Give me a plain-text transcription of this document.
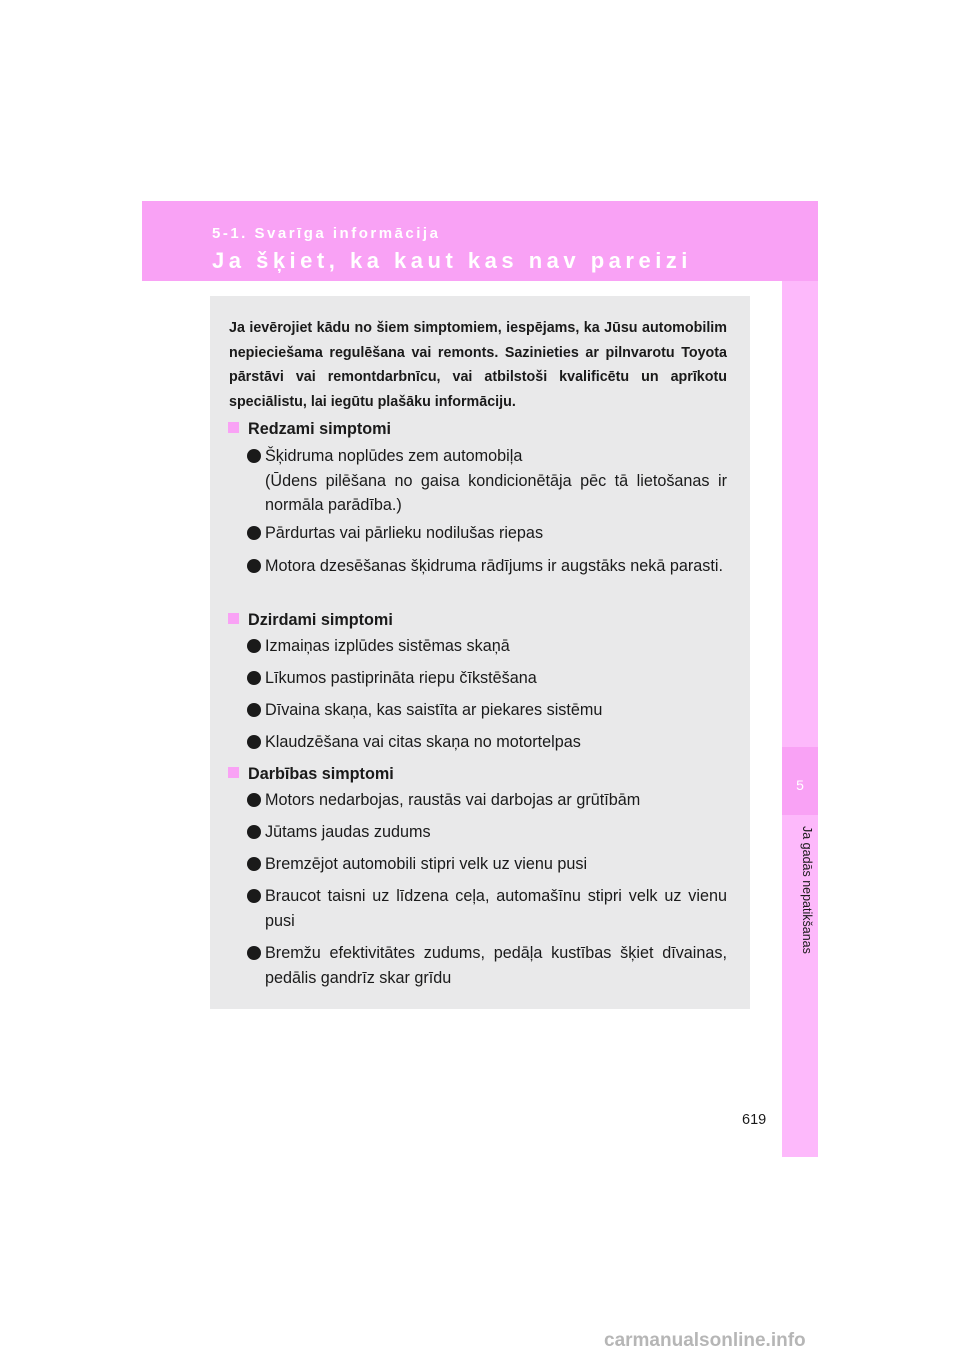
5-1. Svarīga informācija
Ja šķiet, ka kaut kas nav pareizi
5
Ja gadās nepatikšanas
Ja ievērojiet kādu no šiem simptomiem, iespējams, ka Jūsu automobilim nepieciešama regulēšana vai remonts. Sazinieties ar pilnvarotu Toyota pārstāvi vai remontdarbnīcu, vai atbilstoši kvalificētu un aprīkotu speciālistu, lai iegūtu plašāku informāciju.
Redzami simptomi
Šķidruma noplūdes zem automobiļa
(Ūdens pilēšana no gaisa kondicionētāja pēc tā lietošanas ir normāla parādība.)
Pārdurtas vai pārlieku nodilušas riepas
Motora dzesēšanas šķidruma rādījums ir augstāks nekā parasti.
Dzirdami simptomi
Izmaiņas izplūdes sistēmas skaņā
Līkumos pastiprināta riepu čīkstēšana
Dīvaina skaņa, kas saistīta ar piekares sistēmu
Klaudzēšana vai citas skaņa no motortelpas
Darbības simptomi
Motors nedarbojas, raustās vai darbojas ar grūtībām
Jūtams jaudas zudums
Bremzējot automobili stipri velk uz vienu pusi
Braucot taisni uz līdzena ceļa, automašīnu stipri velk uz vienu pusi
Bremžu efektivitātes zudums, pedāļa kustības šķiet dīvainas, pedālis gandrīz skar grīdu
619
carmanualsonline.info
